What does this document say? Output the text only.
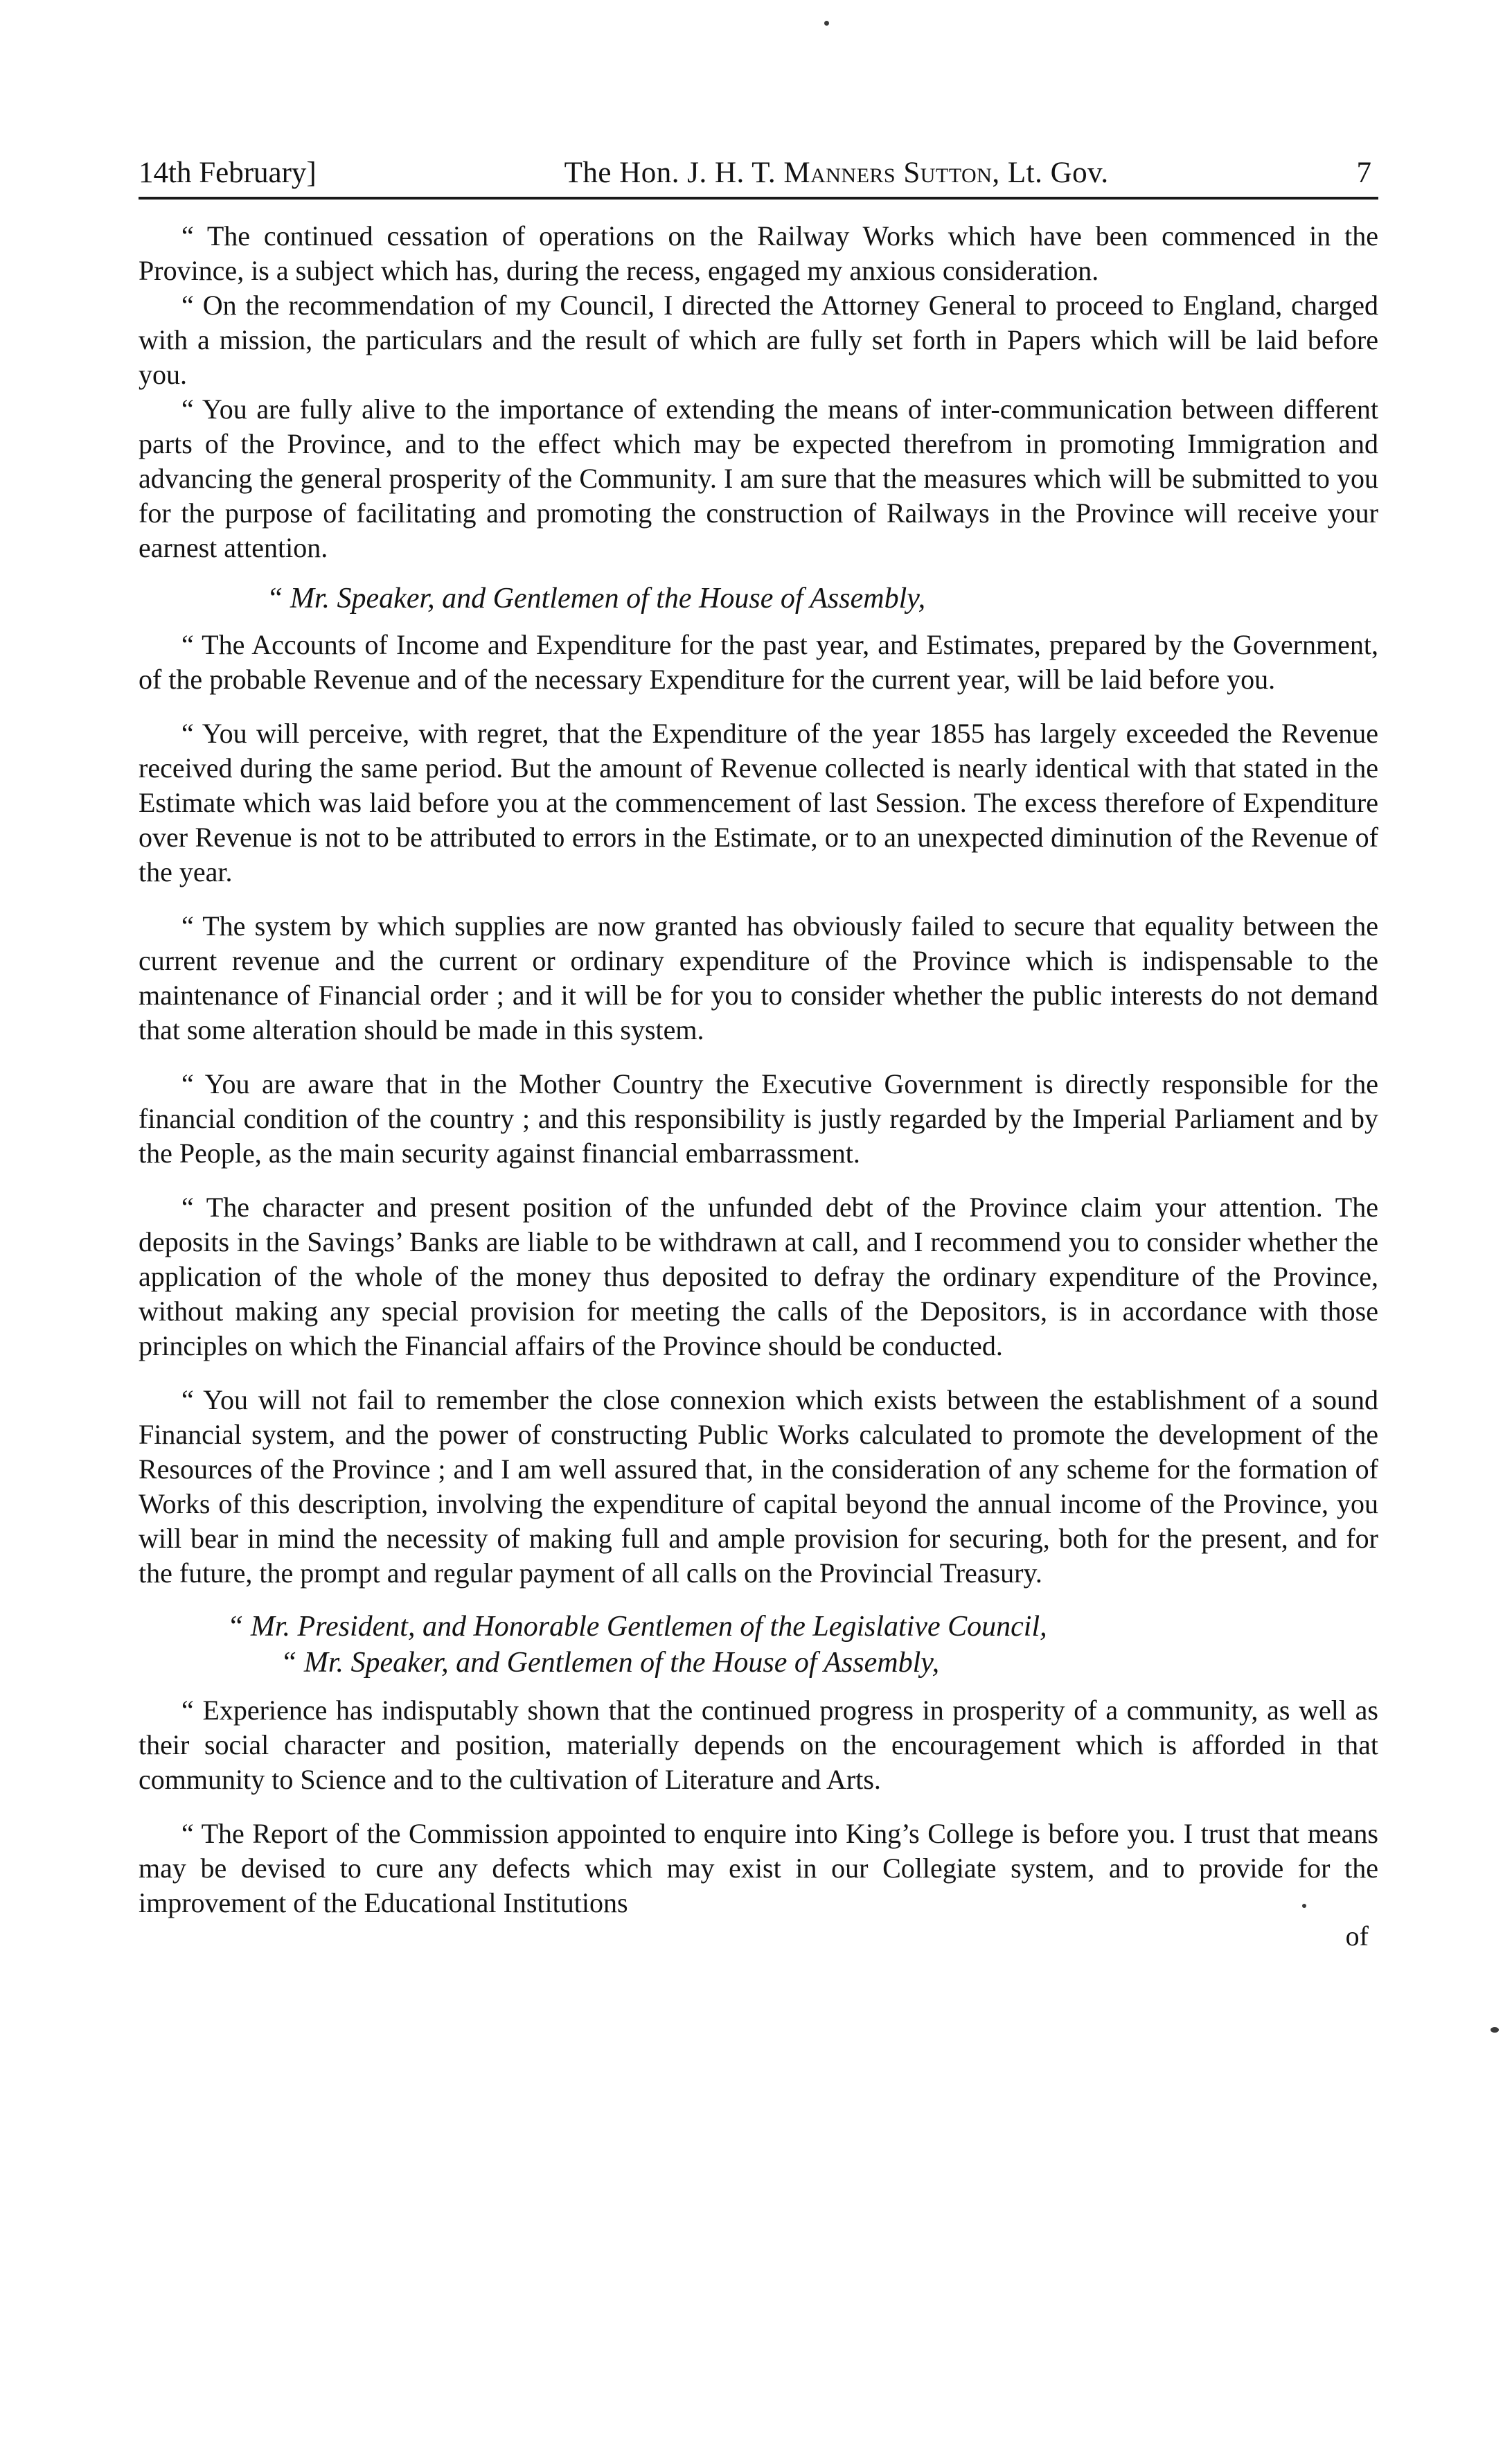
14th February]	The Hon. J. H. T. Manners Sutton, Lt. Gov.	7

“ The continued cessation of operations on the Railway Works which have been commenced in the Province, is a subject which has, during the recess, engaged my anxious consideration.

“ On the recommendation of my Council, I directed the Attorney General to proceed to England, charged with a mission, the particulars and the result of which are fully set forth in Papers which will be laid before you.

“ You are fully alive to the importance of extending the means of inter-communication between different parts of the Province, and to the effect which may be expected therefrom in promoting Immigration and advancing the general prosperity of the Community. I am sure that the measures which will be submitted to you for the purpose of facilitating and promoting the construction of Railways in the Province will receive your earnest attention.

“ Mr. Speaker, and Gentlemen of the House of Assembly,

“ The Accounts of Income and Expenditure for the past year, and Estimates, prepared by the Government, of the probable Revenue and of the necessary Expenditure for the current year, will be laid before you.

“ You will perceive, with regret, that the Expenditure of the year 1855 has largely exceeded the Revenue received during the same period. But the amount of Revenue collected is nearly identical with that stated in the Estimate which was laid before you at the commencement of last Session. The excess therefore of Expenditure over Revenue is not to be attributed to errors in the Estimate, or to an unexpected diminution of the Revenue of the year.

“ The system by which supplies are now granted has obviously failed to secure that equality between the current revenue and the current or ordinary expenditure of the Province which is indispensable to the maintenance of Financial order ; and it will be for you to consider whether the public interests do not demand that some alteration should be made in this system.

“ You are aware that in the Mother Country the Executive Government is directly responsible for the financial condition of the country ; and this responsibility is justly regarded by the Imperial Parliament and by the People, as the main security against financial embarrassment.

“ The character and present position of the unfunded debt of the Province claim your attention. The deposits in the Savings’ Banks are liable to be withdrawn at call, and I recommend you to consider whether the application of the whole of the money thus deposited to defray the ordinary expenditure of the Province, without making any special provision for meeting the calls of the Depositors, is in accordance with those principles on which the Financial affairs of the Province should be conducted.

“ You will not fail to remember the close connexion which exists between the establishment of a sound Financial system, and the power of constructing Public Works calculated to promote the development of the Resources of the Province ; and I am well assured that, in the consideration of any scheme for the formation of Works of this description, involving the expenditure of capital beyond the annual income of the Province, you will bear in mind the necessity of making full and ample provision for securing, both for the present, and for the future, the prompt and regular payment of all calls on the Provincial Treasury.

“ Mr. President, and Honorable Gentlemen of the Legislative Council,
“ Mr. Speaker, and Gentlemen of the House of Assembly,

“ Experience has indisputably shown that the continued progress in prosperity of a community, as well as their social character and position, materially depends on the encouragement which is afforded in that community to Science and to the cultivation of Literature and Arts.

“ The Report of the Commission appointed to enquire into King’s College is before you. I trust that means may be devised to cure any defects which may exist in our Collegiate system, and to provide for the improvement of the Educational Institutions

of
